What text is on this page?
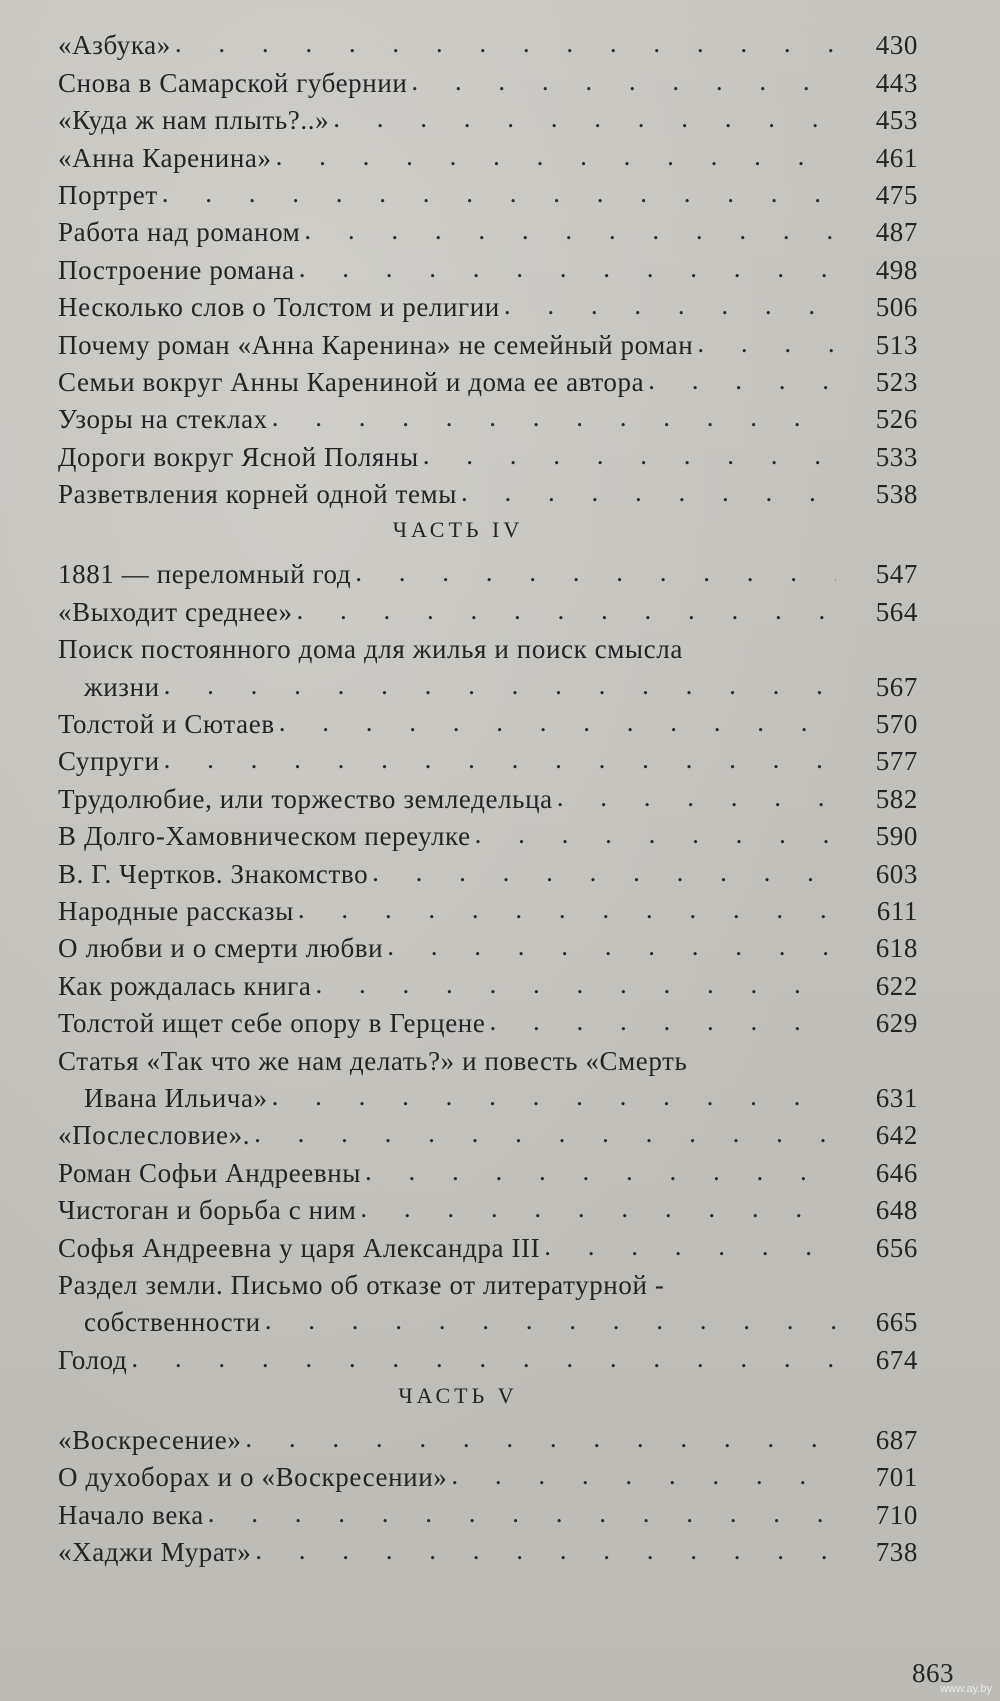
«Азбука» . . .	430
Снова в Самарской губернии . . .	443
«Куда ж нам плыть?..» . . .	453
«Анна Каренина» . . .	461
Портрет . . .	475
Работа над романом . . .	487
Построение романа . . .	498
Несколько слов о Толстом и религии . . .	506
Почему роман «Анна Каренина» не семейный роман . . .	513
Семьи вокруг Анны Карениной и дома ее автора . . .	523
Узоры на стеклах . . .	526
Дороги вокруг Ясной Поляны . . .	533
Разветвления корней одной темы . . .	538
ЧАСТЬ IV
1881 — переломный год . . .	547
«Выходит среднее» . . .	564
Поиск постоянного дома для жилья и поиск смысла
жизни . . .	567
Толстой и Сютаев . . .	570
Супруги . . .	577
Трудолюбие, или торжество земледельца . . .	582
В Долго-Хамовническом переулке . . .	590
В. Г. Чертков. Знакомство . . .	603
Народные рассказы . . .	611
О любви и о смерти любви . . .	618
Как рождалась книга . . .	622
Толстой ищет себе опору в Герцене . . .	629
Статья «Так что же нам делать?» и повесть «Смерть
Ивана Ильича» . . .	631
«Послесловие». . . .	642
Роман Софьи Андреевны . . .	646
Чистоган и борьба с ним . . .	648
Софья Андреевна у царя Александра III . . .	656
Раздел земли. Письмо об отказе от литературной -
собственности . . .	665
Голод . . .	674
ЧАСТЬ V
«Воскресение» . . .	687
О духоборах и о «Воскресении» . . .	701
Начало века . . .	710
«Хаджи Мурат» . . .	738
863
www.ay.by
